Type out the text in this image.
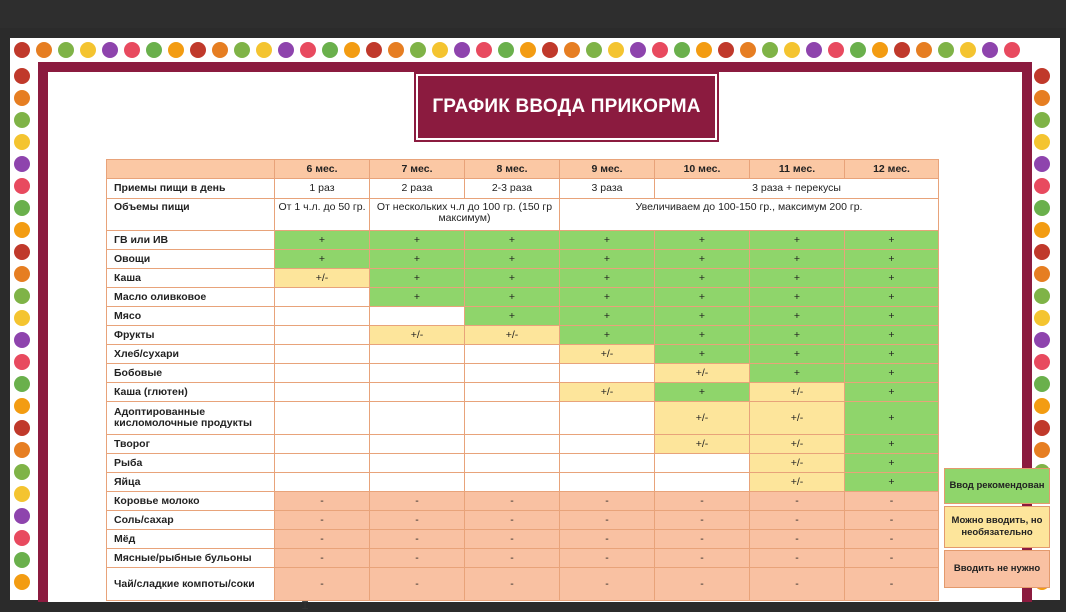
ГРАФИК ВВОДА ПРИКОРМА
	6 мес.	7 мес.	8 мес.	9 мес.	10 мес.	11 мес.	12 мес.
Приемы пищи в день	1 раз	2 раза	2-3 раза	3 раза	3 раза + перекусы		
Объемы пищи	От 1 ч.л. до 50 гр.	От нескольких ч.л до 100 гр. (150 гр максимум)		Увеличиваем до 100-150 гр., максимум 200 гр.			
ГВ или ИВ	+	+	+	+	+	+	+
Овощи	+	+	+	+	+	+	+
Каша	+/-	+	+	+	+	+	+
Масло оливковое		+	+	+	+	+	+
Мясо			+	+	+	+	+
Фрукты		+/-	+/-	+	+	+	+
Хлеб/сухари				+/-	+	+	+
Бобовые					+/-	+	+
Каша (глютен)				+/-	+	+/-	+
Адоптированные кисломолочные продукты					+/-	+/-	+
Творог					+/-	+/-	+
Рыба						+/-	+
Яйца						+/-	+
Коровье молоко	-	-	-	-	-	-	-
Соль/сахар	-	-	-	-	-	-	-
Мёд	-	-	-	-	-	-	-
Мясные/рыбные бульоны	-	-	-	-	-	-	-
Чай/сладкие компоты/соки	-	-	-	-	-	-	-
Ввод рекомендован
Можно вводить, но необязательно
Вводить не нужно
Ɪ
